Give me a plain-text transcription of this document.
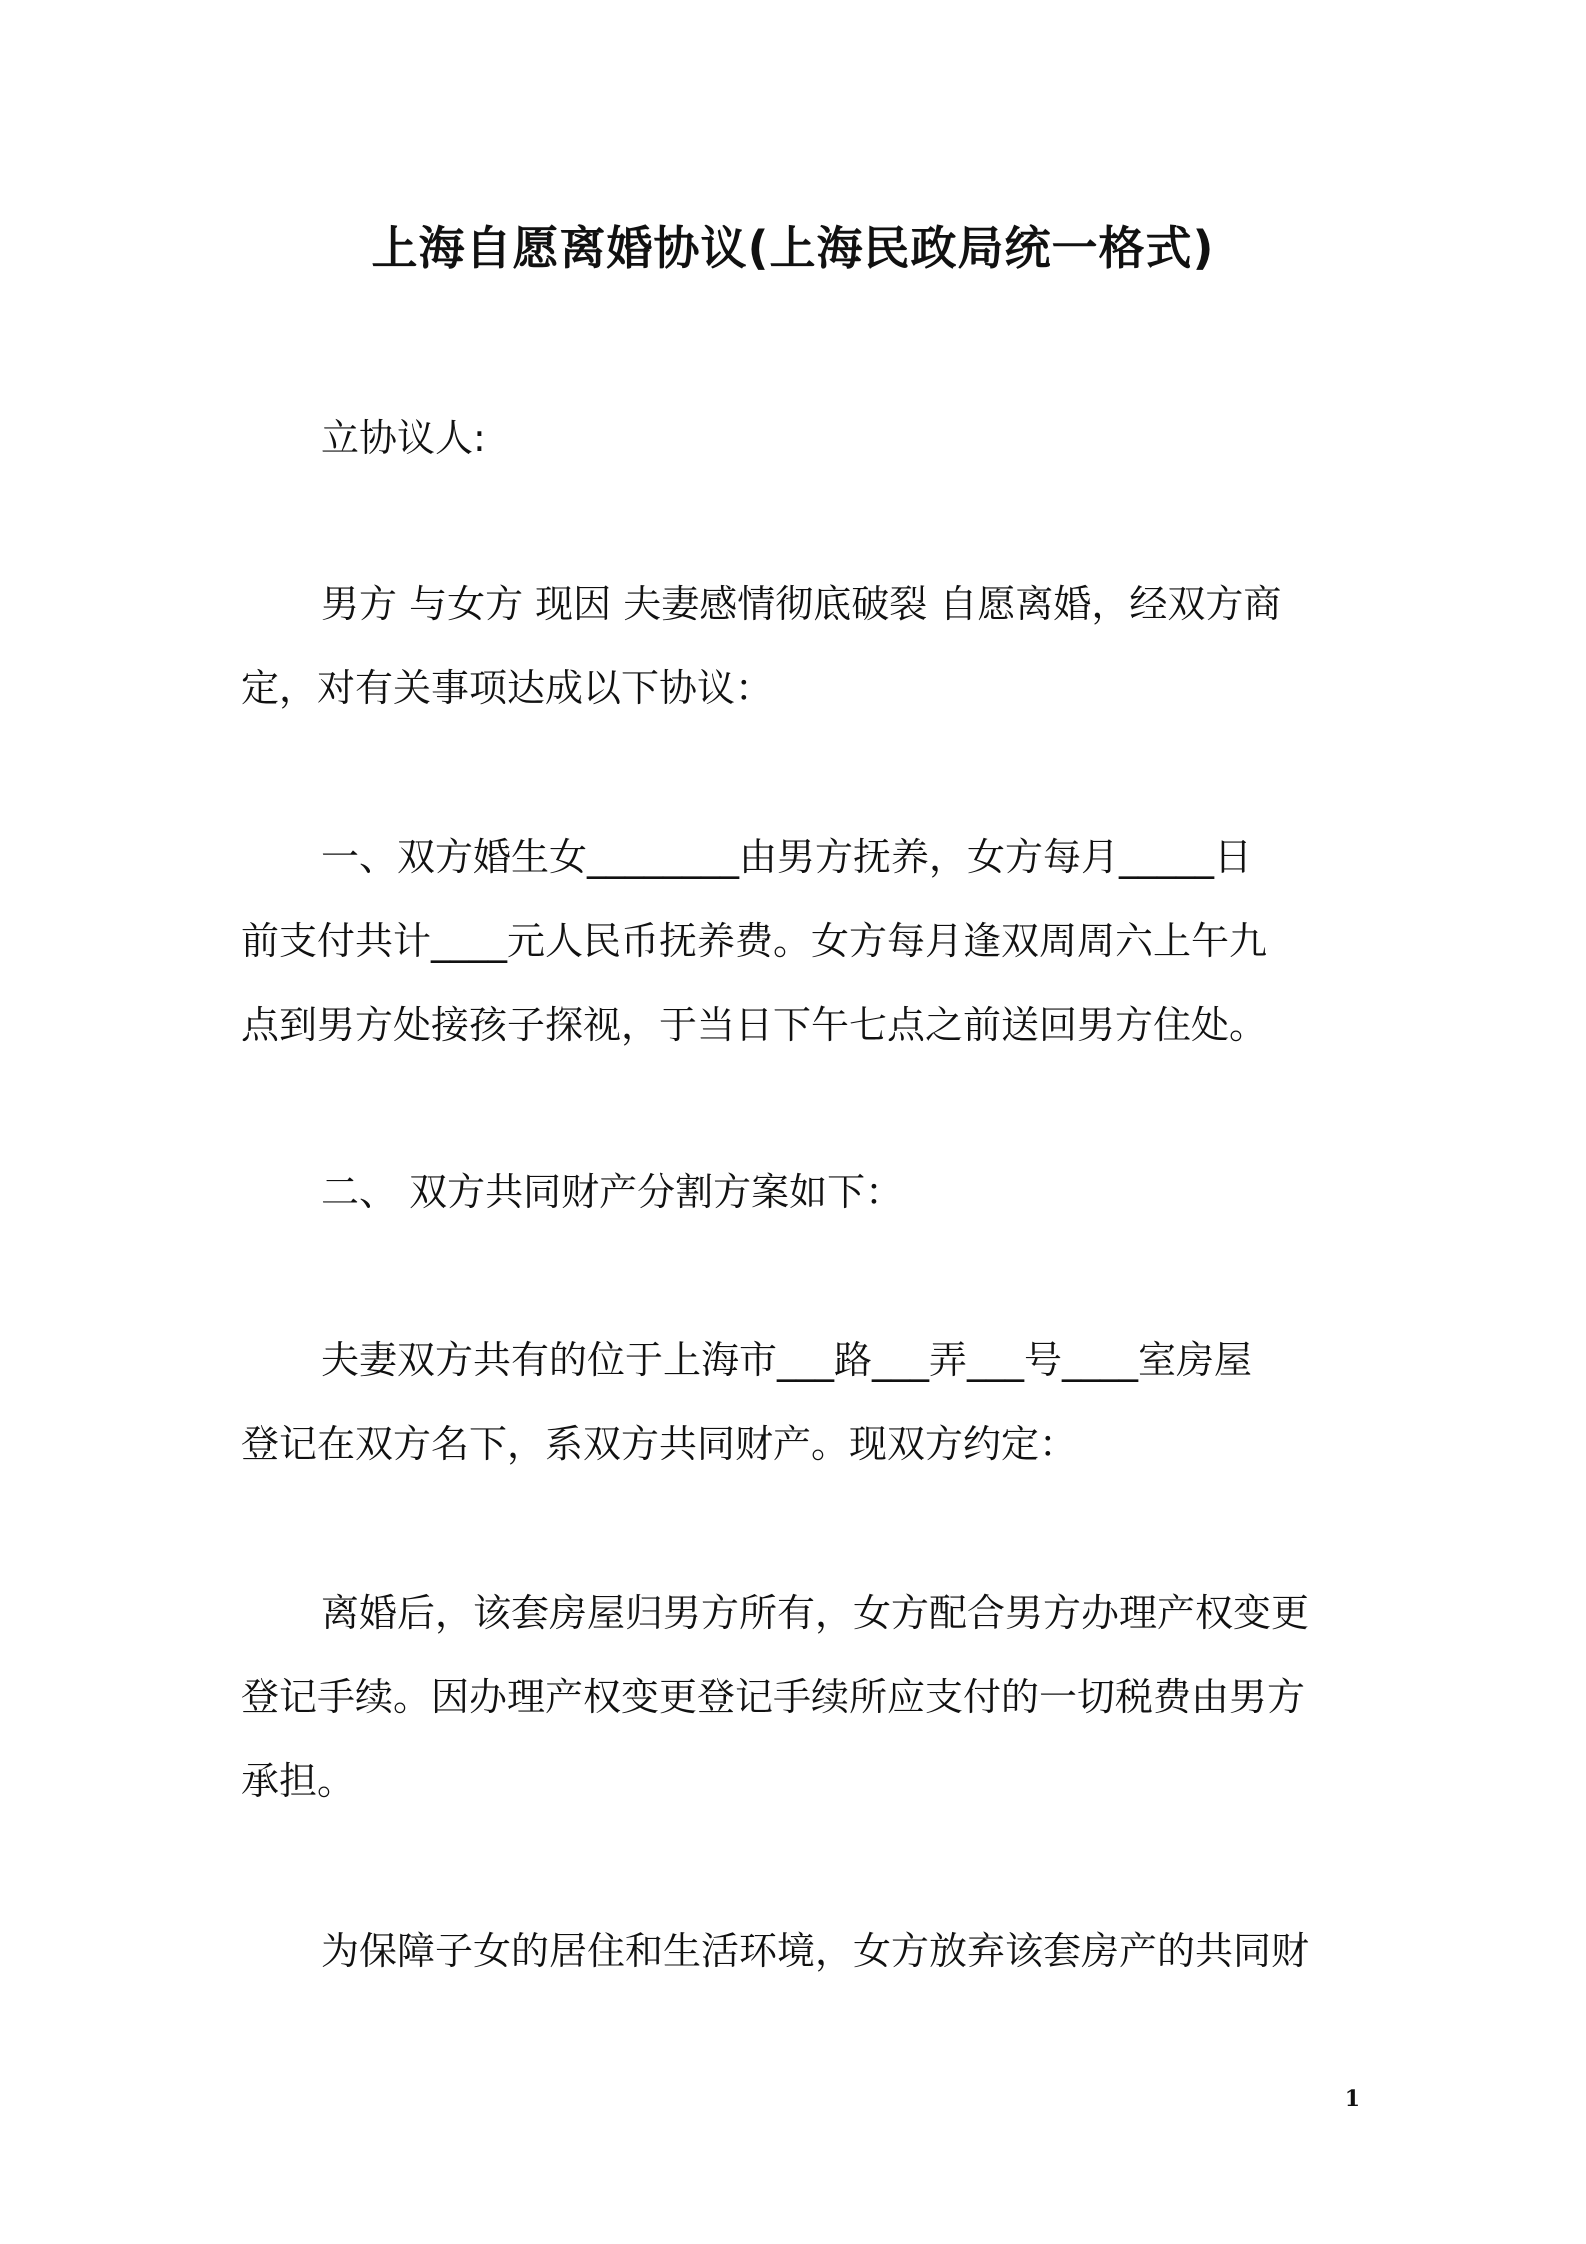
上海自愿离婚协议(上海民政局统一格式)
立协议人:
男方 与女方 现因 夫妻感情彻底破裂 自愿离婚，经双方商
定，对有关事项达成以下协议：
一、双方婚生女________由男方抚养，女方每月_____日
前支付共计____元人民币抚养费。女方每月逢双周周六上午九
点到男方处接孩子探视，于当日下午七点之前送回男方住处。
二、 双方共同财产分割方案如下：
夫妻双方共有的位于上海市___路___弄___号____室房屋
登记在双方名下，系双方共同财产。现双方约定：
离婚后，该套房屋归男方所有，女方配合男方办理产权变更
登记手续。因办理产权变更登记手续所应支付的一切税费由男方
承担。
为保障子女的居住和生活环境，女方放弃该套房产的共同财
1
